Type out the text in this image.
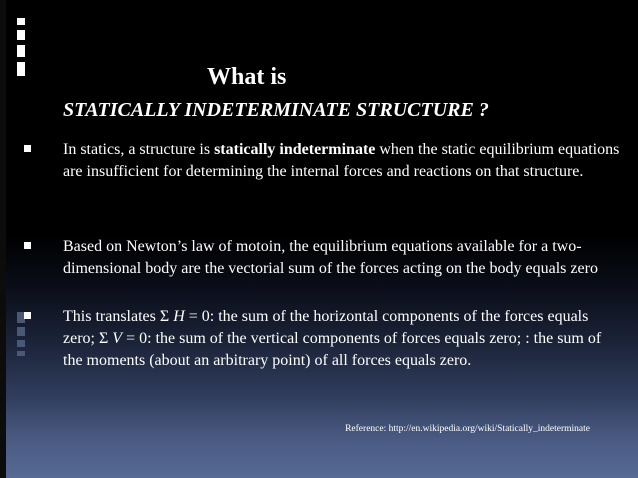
What is
STATICALLY INDETERMINATE STRUCTURE ?
In statics, a structure is statically indeterminate when the static equilibrium equations are insufficient for determining the internal forces and reactions on that structure.
Based on Newton’s law of motoin, the equilibrium equations available for a two-dimensional body are the vectorial sum of the forces acting on the body equals zero
This translates Σ H = 0: the sum of the horizontal components of the forces equals zero; Σ V = 0: the sum of the vertical components of forces equals zero; : the sum of the moments (about an arbitrary point) of all forces equals zero.
Reference: http://en.wikipedia.org/wiki/Statically_indeterminate
